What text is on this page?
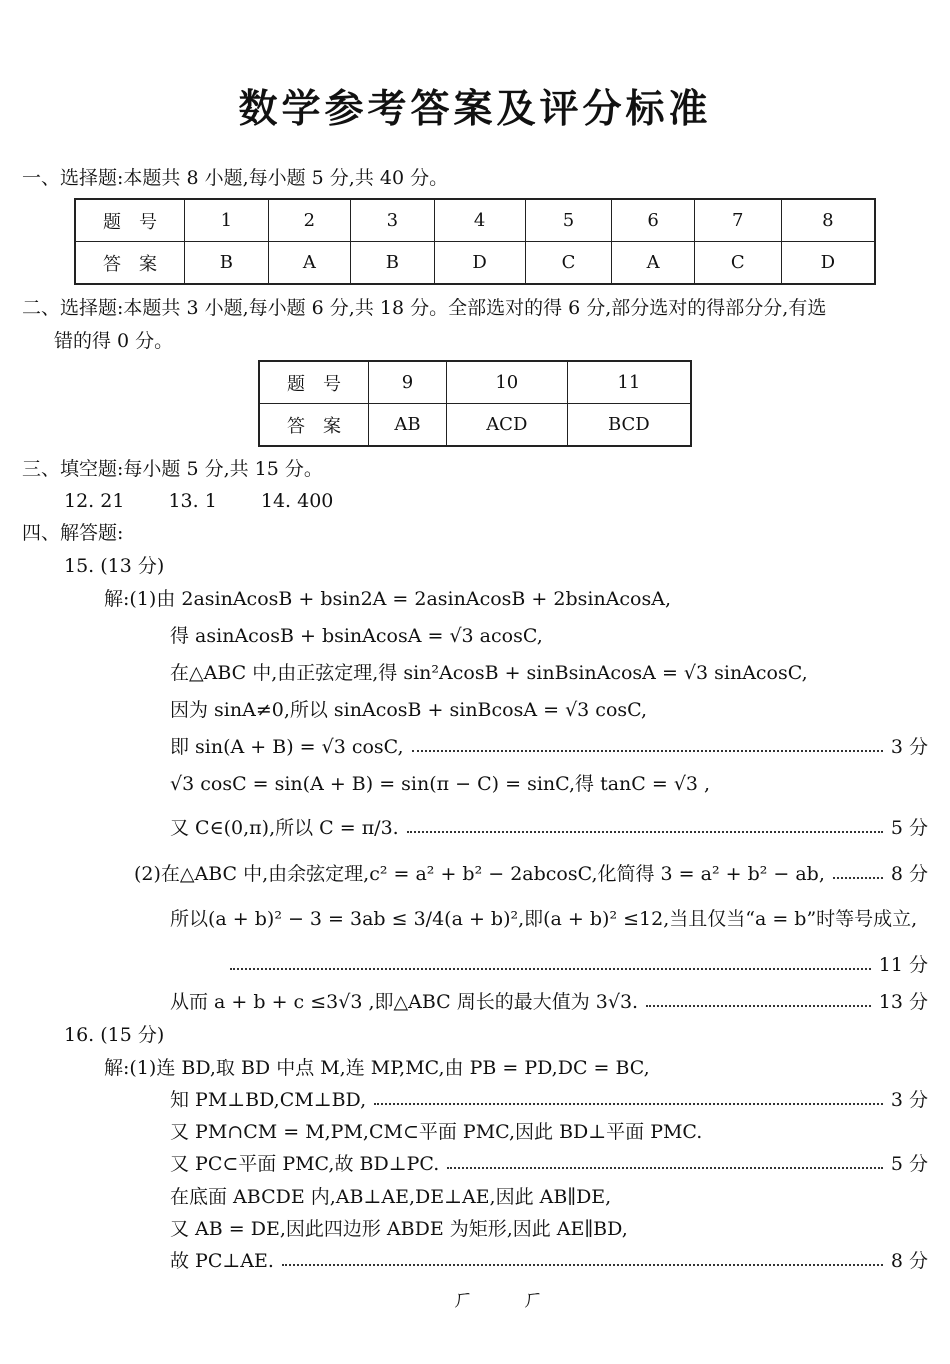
数学参考答案及评分标准
一、选择题:本题共 8 小题,每小题 5 分,共 40 分。
题　号	1	2	3	4	5	6	7	8
答　案	B	A	B	D	C	A	C	D
二、选择题:本题共 3 小题,每小题 6 分,共 18 分。全部选对的得 6 分,部分选对的得部分分,有选
错的得 0 分。
题　号	9	10	11
答　案	AB	ACD	BCD
三、填空题:每小题 5 分,共 15 分。
12. 21　　 13. 1　　 14. 400
四、解答题:
15. (13 分)
解:(1)由 2asinAcosB + bsin2A = 2asinAcosB + 2bsinAcosA,
得 asinAcosB + bsinAcosA = √3 acosC,
在△ABC 中,由正弦定理,得 sin²AcosB + sinBsinAcosA = √3 sinAcosC,
因为 sinA≠0,所以 sinAcosB + sinBcosA = √3 cosC,
即 sin(A + B) = √3 cosC,	3 分
√3 cosC = sin(A + B) = sin(π − C) = sinC,得 tanC = √3 ,
又 C∈(0,π),所以 C = π/3.	5 分
(2)在△ABC 中,由余弦定理,c² = a² + b² − 2abcosC,化简得 3 = a² + b² − ab,	8 分
所以(a + b)² − 3 = 3ab ≤ 3/4(a + b)²,即(a + b)² ≤12,当且仅当“a = b”时等号成立,
11 分
从而 a + b + c ≤3√3 ,即△ABC 周长的最大值为 3√3.	13 分
16. (15 分)
解:(1)连 BD,取 BD 中点 M,连 MP,MC,由 PB = PD,DC = BC,
知 PM⊥BD,CM⊥BD,	3 分
又 PM∩CM = M,PM,CM⊂平面 PMC,因此 BD⊥平面 PMC.
又 PC⊂平面 PMC,故 BD⊥PC.	5 分
在底面 ABCDE 内,AB⊥AE,DE⊥AE,因此 AB∥DE,
又 AB = DE,因此四边形 ABDE 为矩形,因此 AE∥BD,
故 PC⊥AE.	8 分
ㄏ ㄏ
